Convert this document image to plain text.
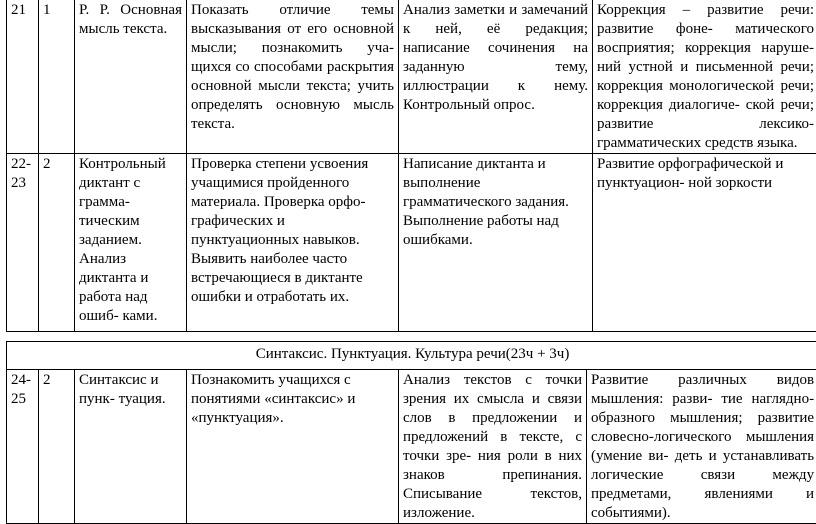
21	1	Р. Р. Основная мысль текста.	Показать отличие темы высказывания от его основной мысли; познакомить уча- щихся со способами раскрытия основной мысли текста; учить определять основную мысль текста.	Анализ заметки и замечаний к ней, её редакция; написание сочинения на заданную тему, иллюстрации к нему. Контрольный опрос.	Коррекция – развитие речи: развитие фоне- матического восприятия; коррекция наруше- ний устной и письменной речи; коррекция монологической речи; коррекция диалогиче- ской речи; развитие лексико- грамматических средств языка.
22-23	2	Контрольный диктант с грамма- тическим заданием. Анализ диктанта и работа над ошиб- ками.	Проверка степени усвоения учащимися пройденного материала. Проверка орфо- графических и пунктуационных навыков. Выявить наиболее часто встречающиеся в диктанте ошибки и отработать их.	Написание диктанта и выполнение грамматического задания. Выполнение работы над ошибками.	Развитие орфографической и пунктуацион- ной зоркости
Синтаксис. Пунктуация. Культура речи(23ч + 3ч)
24-25	2	Синтаксис и пунк- туация.	Познакомить учащихся с понятиями «синтаксис» и «пунктуация».	Анализ текстов с точки зрения их смысла и связи слов в предложении и предложений в тексте, с точки зре- ния роли в них знаков препинания. Списывание текстов, изложение.	Развитие различных видов мышления: разви- тие наглядно-образного мышления; развитие словесно-логического мышления (умение ви- деть и устанавливать логические связи между предметами, явлениями и событиями).
